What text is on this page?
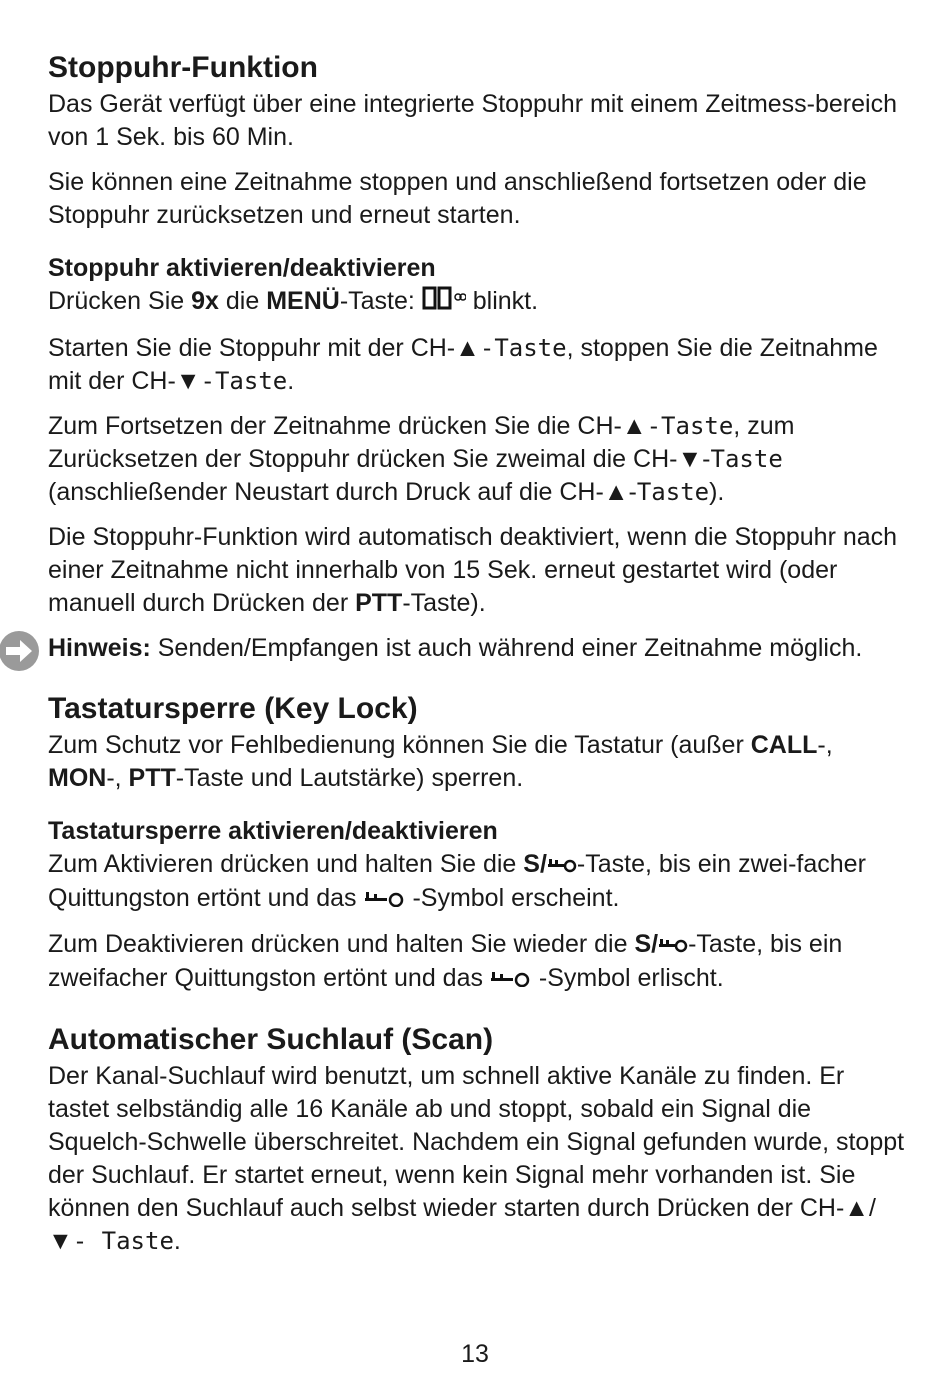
Stoppuhr-Funktion

Das Gerät verfügt über eine integrierte Stoppuhr mit einem Zeitmess-bereich von 1 Sek. bis 60 Min.

Sie können eine Zeitnahme stoppen und anschließend fortsetzen oder die Stoppuhr zurücksetzen und erneut starten.

Stoppuhr aktivieren/deaktivieren

Drücken Sie 9x die MENÜ-Taste:  blinkt.

Starten Sie die Stoppuhr mit der CH-▲-Taste, stoppen Sie die Zeitnahme mit der CH-▼-Taste.

Zum Fortsetzen der Zeitnahme drücken Sie die CH-▲-Taste, zum Zurücksetzen der Stoppuhr drücken Sie zweimal die CH-▼-Taste (anschließender Neustart durch Druck auf die CH-▲-Taste).

Die Stoppuhr-Funktion wird automatisch deaktiviert, wenn die Stoppuhr nach einer Zeitnahme nicht innerhalb von 15 Sek. erneut gestartet wird (oder manuell durch Drücken der PTT-Taste).

Hinweis: Senden/Empfangen ist auch während einer Zeitnahme möglich.

Tastatursperre (Key Lock)

Zum Schutz vor Fehlbedienung können Sie die Tastatur (außer CALL-, MON-, PTT-Taste und Lautstärke) sperren.

Tastatursperre aktivieren/deaktivieren

Zum Aktivieren drücken und halten Sie die S/ -Taste, bis ein zwei-facher Quittungston ertönt und das  -Symbol erscheint.

Zum Deaktivieren drücken und halten Sie wieder die S/ -Taste, bis ein zweifacher Quittungston ertönt und das  -Symbol erlischt.

Automatischer Suchlauf (Scan)

Der Kanal-Suchlauf wird benutzt, um schnell aktive Kanäle zu finden. Er tastet selbständig alle 16 Kanäle ab und stoppt, sobald ein Signal die Squelch-Schwelle überschreitet. Nachdem ein Signal gefunden wurde, stoppt der Suchlauf. Er startet erneut, wenn kein Signal mehr vorhanden ist. Sie können den Suchlauf auch selbst wieder starten durch Drücken der CH-▲/▼- Taste.

13
